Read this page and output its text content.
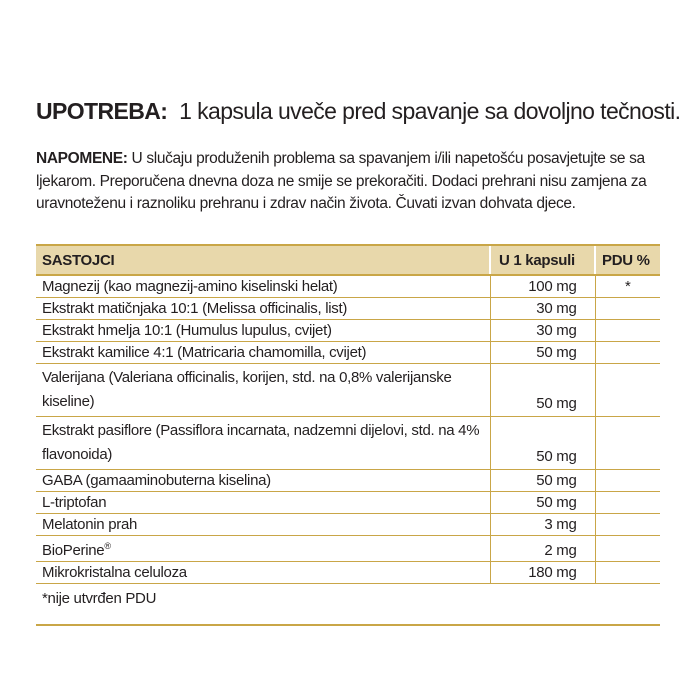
UPOTREBA: 1 kapsula uveče pred spavanje sa dovoljno tečnosti.
NAPOMENE: U slučaju produženih problema sa spavanjem i/ili napetošću posavjetujte se sa ljekarom. Preporučena dnevna doza ne smije se prekoračiti. Dodaci prehrani nisu zamjena za uravnoteženu i raznoliku prehranu i zdrav način života. Čuvati izvan dohvata djece.
SASTOJCI	U 1 kapsuli	PDU %
Magnezij (kao magnezij-amino kiselinski helat)	100 mg	*
Ekstrakt matičnjaka 10:1 (Melissa officinalis, list)	30 mg	
Ekstrakt hmelja 10:1 (Humulus lupulus, cvijet)	30 mg	
Ekstrakt kamilice 4:1 (Matricaria chamomilla, cvijet)	50 mg	
Valerijana (Valeriana officinalis, korijen, std. na 0,8% valerijanske kiseline)	50 mg	
Ekstrakt pasiflore (Passiflora incarnata, nadzemni dijelovi, std. na 4% flavonoida)	50 mg	
GABA (gamaaminobuterna kiselina)	50 mg	
L-triptofan	50 mg	
Melatonin prah	3 mg	
BioPerine®	2 mg	
Mikrokristalna celuloza	180 mg	
*nije utvrđen PDU		
